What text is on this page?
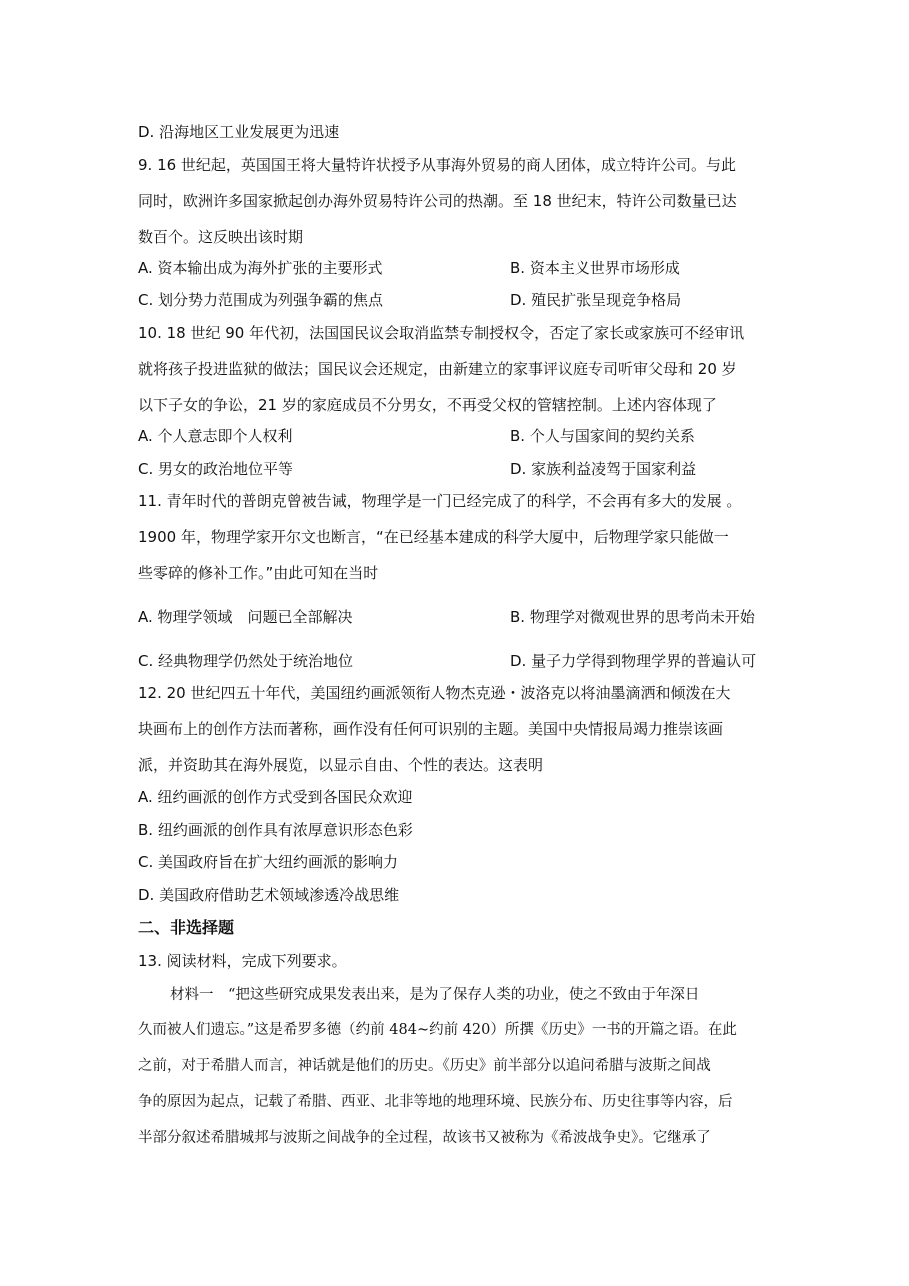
D. 沿海地区工业发展更为迅速
9. 16 世纪起，英国国王将大量特许状授予从事海外贸易的商人团体，成立特许公司。与此
同时，欧洲许多国家掀起创办海外贸易特许公司的热潮。至 18 世纪末，特许公司数量已达
数百个。这反映出该时期
A. 资本输出成为海外扩张的主要形式	B. 资本主义世界市场形成
C. 划分势力范围成为列强争霸的焦点	D. 殖民扩张呈现竞争格局
10. 18 世纪 90 年代初，法国国民议会取消监禁专制授权令，否定了家长或家族可不经审讯
就将孩子投进监狱的做法；国民议会还规定，由新建立的家事评议庭专司听审父母和 20 岁
以下子女的争讼，21 岁的家庭成员不分男女，不再受父权的管辖控制。上述内容体现了
A. 个人意志即个人权利	B. 个人与国家间的契约关系
C. 男女的政治地位平等	D. 家族利益凌驾于国家利益
11. 青年时代的普朗克曾被告诫，物理学是一门已经完成了的科学，不会再有多大的发展 。
1900 年，物理学家开尔文也断言，“在已经基本建成的科学大厦中，后物理学家只能做一
些零碎的修补工作。”由此可知在当时
A. 物理学领域　问题已全部解决	B. 物理学对微观世界的思考尚未开始
C. 经典物理学仍然处于统治地位	D. 量子力学得到物理学界的普遍认可
12. 20 世纪四五十年代，美国纽约画派领衔人物杰克逊・波洛克以将油墨滴洒和倾泼在大
块画布上的创作方法而著称，画作没有任何可识别的主题。美国中央情报局竭力推崇该画
派，并资助其在海外展览，以显示自由、个性的表达。这表明
A. 纽约画派的创作方式受到各国民众欢迎
B. 纽约画派的创作具有浓厚意识形态色彩
C. 美国政府旨在扩大纽约画派的影响力
D. 美国政府借助艺术领域渗透冷战思维
二、非选择题
13. 阅读材料，完成下列要求。
材料一　“把这些研究成果发表出来，是为了保存人类的功业，使之不致由于年深日
久而被人们遗忘。”这是希罗多德（约前 484~约前 420）所撰《历史》一书的开篇之语。在此
之前，对于希腊人而言，神话就是他们的历史。《历史》前半部分以追问希腊与波斯之间战
争的原因为起点，记载了希腊、西亚、北非等地的地理环境、民族分布、历史往事等内容，后
半部分叙述希腊城邦与波斯之间战争的全过程，故该书又被称为《希波战争史》。它继承了
